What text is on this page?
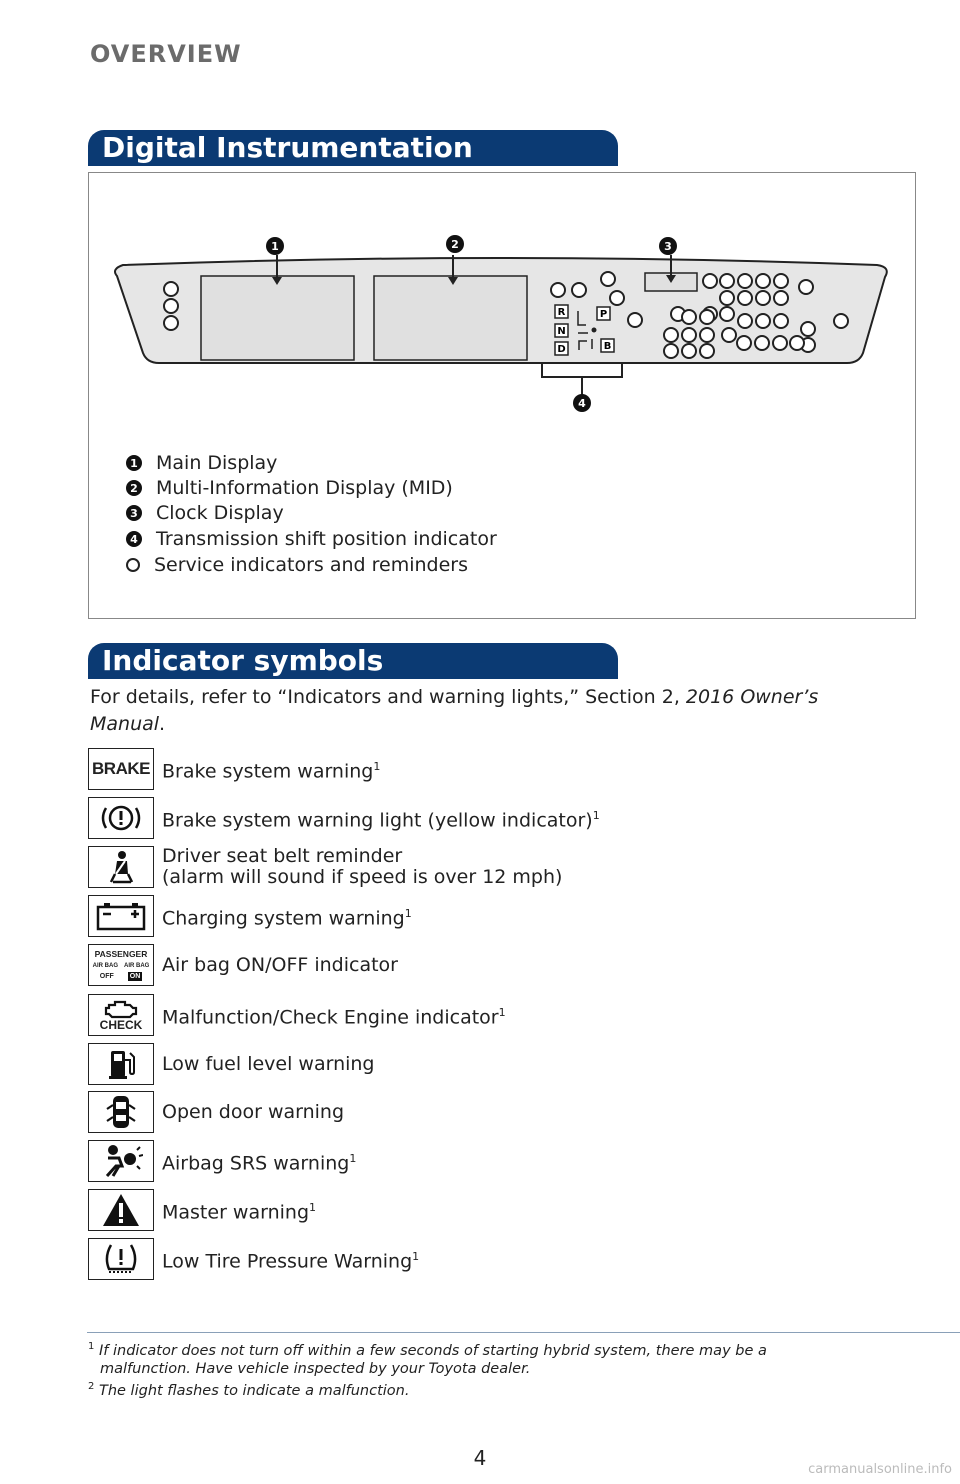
OVERVIEW
Digital Instrumentation
1	2	3
R
N
D
P
B
4
1 Main Display
2 Multi-Information Display (MID)
3 Clock Display
4 Transmission shift position indicator
Service indicators and reminders
Indicator symbols
For details, refer to “Indicators and warning lights,” Section 2, 2016 Owner’s Manual.
BRAKE Brake system warning$^1$
Brake system warning light (yellow indicator)$^1$
Driver seat belt reminder
(alarm will sound if speed is over 12 mph)
Charging system warning$^1$
PASSENGER
AIR BAG AIR BAG
OFF ON
Air bag ON/OFF indicator
CHECK Malfunction/Check Engine indicator$^1$
Low fuel level warning
Open door warning
Airbag SRS warning$^1$
Master warning$^1$
Low Tire Pressure Warning$^1$
$^1$ If indicator does not turn off within a few seconds of starting hybrid system, there may be a
malfunction. Have vehicle inspected by your Toyota dealer.
$^2$ The light flashes to indicate a malfunction.
4	carmanualsonline.info
